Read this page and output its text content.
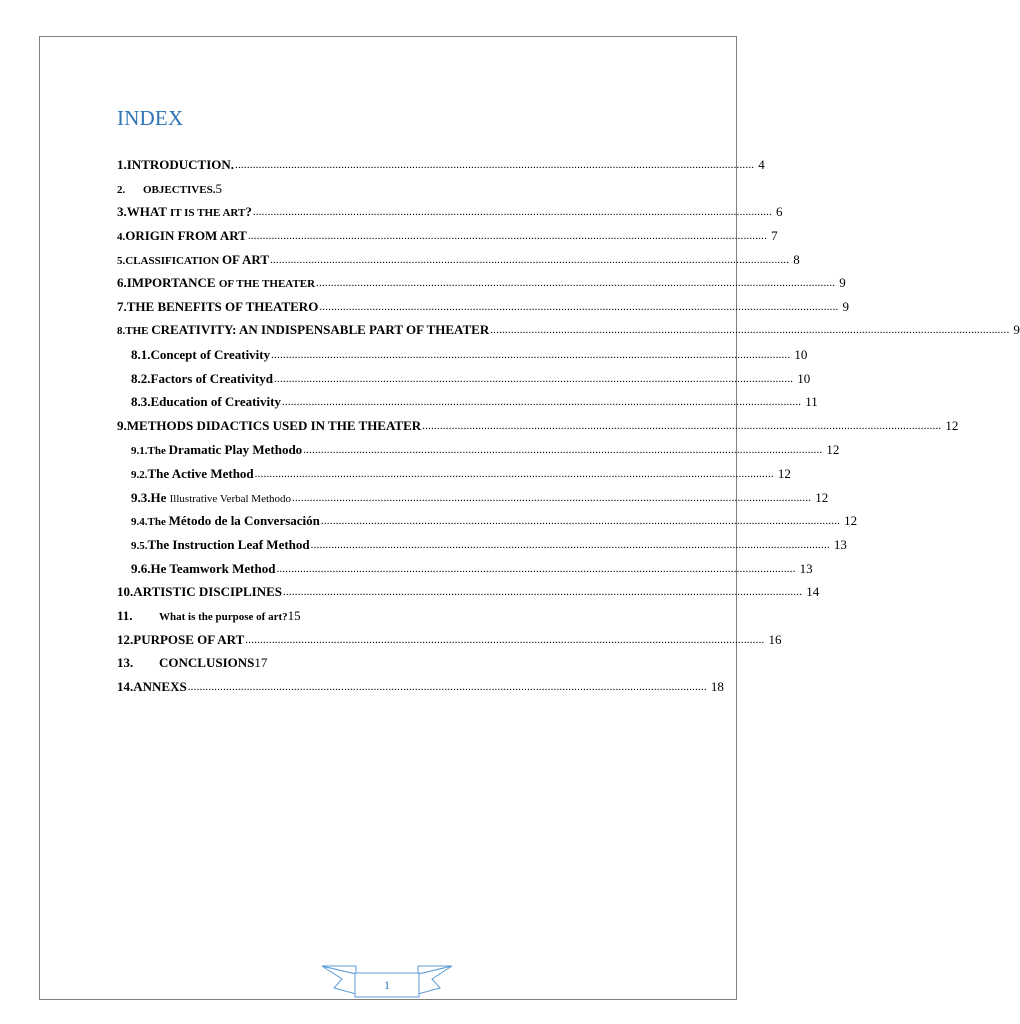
INDEX
1. INTRODUCTION. ................................................................................................................................................................................ 4
2.	OBJECTIVES. 5
3. WHAT IT IS THE ART? ................................................................................................................................................................................ 6
4. ORIGIN FROM ART ................................................................................................................................................................................ 7
5. CLASSIFICATION OF ART ................................................................................................................................................................................ 8
6. IMPORTANCE OF THE THEATER ................................................................................................................................................................................ 9
7. THE BENEFITS OF THEATERO ................................................................................................................................................................................ 9
8. THE CREATIVITY: AN INDISPENSABLE PART OF THEATER ................................................................................................................................................................................ 9
8.1. Concept of Creativity ................................................................................................................................................................................ 10
8.2. Factors of Creativityd ................................................................................................................................................................................ 10
8.3. Education of Creativity ................................................................................................................................................................................ 11
9. METHODS DIDACTICS USED IN THE THEATER ................................................................................................................................................................................ 12
9.1. The Dramatic Play Methodo ................................................................................................................................................................................ 12
9.2. The Active Method ................................................................................................................................................................................ 12
9.3. He Illustrative Verbal Methodo ................................................................................................................................................................................ 12
9.4. The Método de la Conversación ................................................................................................................................................................................ 12
9.5. The Instruction Leaf Method ................................................................................................................................................................................ 13
9.6. He Teamwork Method ................................................................................................................................................................................ 13
10. ARTISTIC DISCIPLINES ................................................................................................................................................................................ 14
11.	What is the purpose of art? 15
12. PURPOSE OF ART ................................................................................................................................................................................ 16
13.	CONCLUSIONS 17
14. ANNEXS ................................................................................................................................................................................ 18
1
